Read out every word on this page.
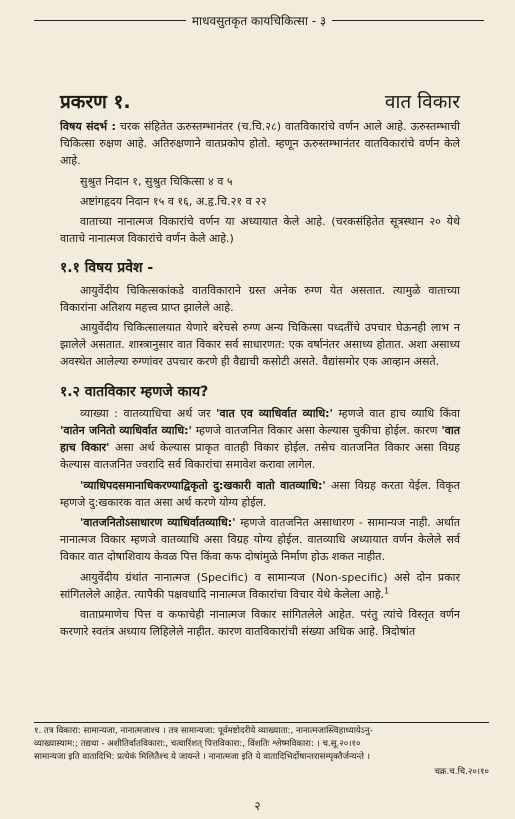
माधवसुतकृत कायचिकित्सा - ३
प्रकरण १.	वात विकार

विषय संदर्भ : चरक संहितेत ऊरुस्तम्भानंतर (च.चि.२८) वातविकारांचे वर्णन आले आहे. ऊरुस्तम्भाची चिकित्सा रुक्षण आहे. अतिरुक्षणाने वातप्रकोप होतो. म्हणून ऊरुस्तम्भानंतर वातविकारांचे वर्णन केले आहे.

सुश्रुत निदान १, सुश्रुत चिकित्सा ४ व ५

अष्टांगहृदय निदान १५ व १६, अ.हृ.चि.२१ व २२

वाताच्या नानात्मज विकारांचे वर्णन या अध्यायात केले आहे. (चरकसंहितेत सूत्रस्थान २० येथे वाताचे नानात्मज विकारांचे वर्णन केले आहे.)

१.१ विषय प्रवेश -

आयुर्वेदीय चिकित्सकांकडे वातविकाराने ग्रस्त अनेक रुग्ण येत असतात. त्यामुळे वाताच्या विकारांना अतिशय महत्त्व प्राप्त झालेले आहे.

आयुर्वेदीय चिकित्सालयात येणारे बरेचसे रुग्ण अन्य चिकित्सा पध्दतींचे उपचार घेऊनही लाभ न झालेले असतात. शास्त्रानुसार वात विकार सर्व साधारणत: एक वर्षानंतर असाध्य होतात. अशा असाध्य अवस्थेत आलेल्या रुग्णांवर उपचार करणे ही वैद्याची कसोटी असते. वैद्यांसमोर एक आव्हान असते.

१.२ वातविकार म्हणजे काय?

व्याख्या : वातव्याधिचा अर्थ जर 'वात एव व्याधिर्वात व्याधि:' म्हणजे वात हाच व्याधि किंवा 'वातेन जनितो व्याधिर्वात व्याधि:' म्हणजे वातजनित विकार असा केल्यास चुकीचा होईल. कारण 'वात हाच विकार' असा अर्थ केल्यास प्राकृत वातही विकार होईल. तसेच वातजनित विकार असा विग्रह केल्यास वातजनित ज्वरादि सर्व विकारांचा समावेश करावा लागेल.

'व्याधिपदसमानाधिकरण्याद्विकृतो दु:खकारी वातो वातव्याधि:' असा विग्रह करता येईल. विकृत म्हणजे दु:खकारक वात असा अर्थ करणे योग्य होईल.

'वातजनितोऽसाधारण व्याधिर्वातव्याधि:' म्हणजे वातजनित असाधारण - सामान्यज नाही. अर्थात नानात्मज विकार म्हणजे वातव्याधि असा विग्रह योग्य होईल. वातव्याधि अध्यायात वर्णन केलेले सर्व विकार वात दोषाशिवाय केवळ पित्त किंवा कफ दोषांमुळे निर्माण होऊ शकत नाहीत.

आयुर्वेदीय ग्रंथांत नानात्मज (Specific) व सामान्यज (Non-specific) असे दोन प्रकार सांगितलेले आहेत. त्यापैकी पक्षवधादि नानात्मज विकारांचा विचार येथे केलेला आहे.$^1$

वाताप्रमाणेच पित्त व कफाचेही नानात्मज विकार सांगितलेले आहेत. परंतु त्यांचे विस्तृत वर्णन करणारे स्वतंत्र अध्याय लिहिलेले नाहीत. कारण वातविकारांची संख्या अधिक आहे. त्रिदोषांत

१. तत्र विकारा: सामान्यजा, नानात्मजाश्च । तत्र सामान्यजा: पूर्वमष्टोदरीये व्याख्याता:, नानात्मजास्त्विहाध्यायेऽनु-

व्याख्यास्याम:; तद्यथा - अशीतिर्वातविकारा:, चत्वारिंशत् पित्तविकारा:, विंशतिः श्लेष्मविकारा: । च.सू.२०।१०

सामान्यजा इति वातादिभि: प्रत्येकं मिलितैश्च ये जायन्ते । नानात्मजा इति ये वातादिभिर्दोषान्तरासम्पृक्तैर्जन्यन्ते ।

चक्र.च.चि.२०।१०

२
